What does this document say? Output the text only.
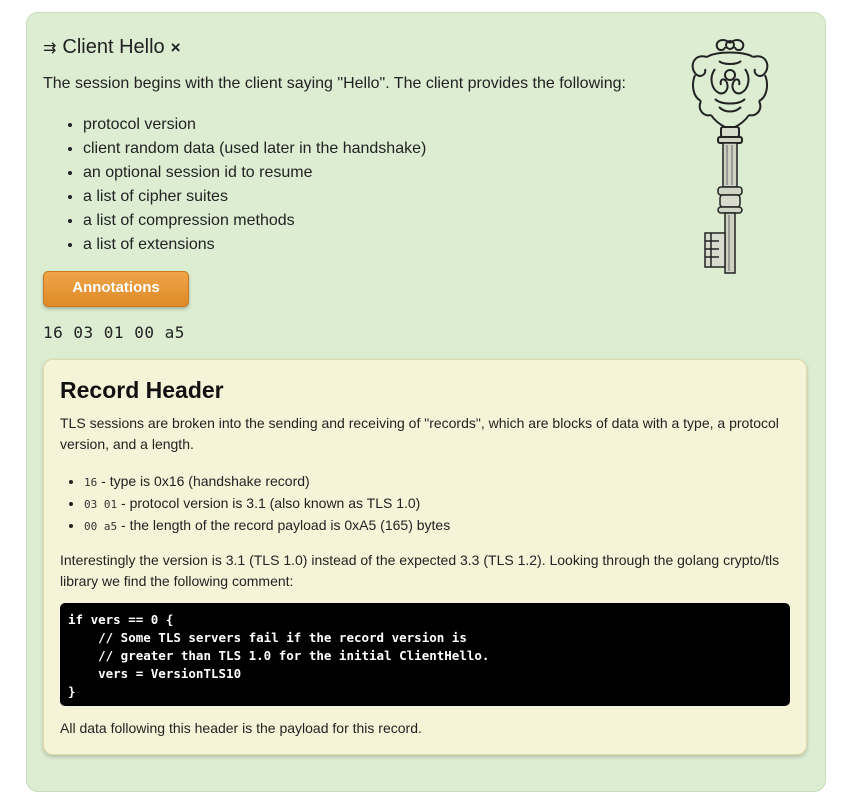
⇉ Client Hello ×
The session begins with the client saying "Hello". The client provides the following:
• protocol version
• client random data (used later in the handshake)
• an optional session id to resume
• a list of cipher suites
• a list of compression methods
• a list of extensions
Annotations
16 03 01 00 a5
Record Header

TLS sessions are broken into the sending and receiving of "records", which are blocks of data with a type, a protocol version, and a length.

• 16 - type is 0x16 (handshake record)
• 03 01 - protocol version is 3.1 (also known as TLS 1.0)
• 00 a5 - the length of the record payload is 0xA5 (165) bytes

Interestingly the version is 3.1 (TLS 1.0) instead of the expected 3.3 (TLS 1.2). Looking through the golang crypto/tls library we find the following comment:

if vers == 0 {
// Some TLS servers fail if the record version is
// greater than TLS 1.0 for the initial ClientHello.
vers = VersionTLS10
}

All data following this header is the payload for this record.
